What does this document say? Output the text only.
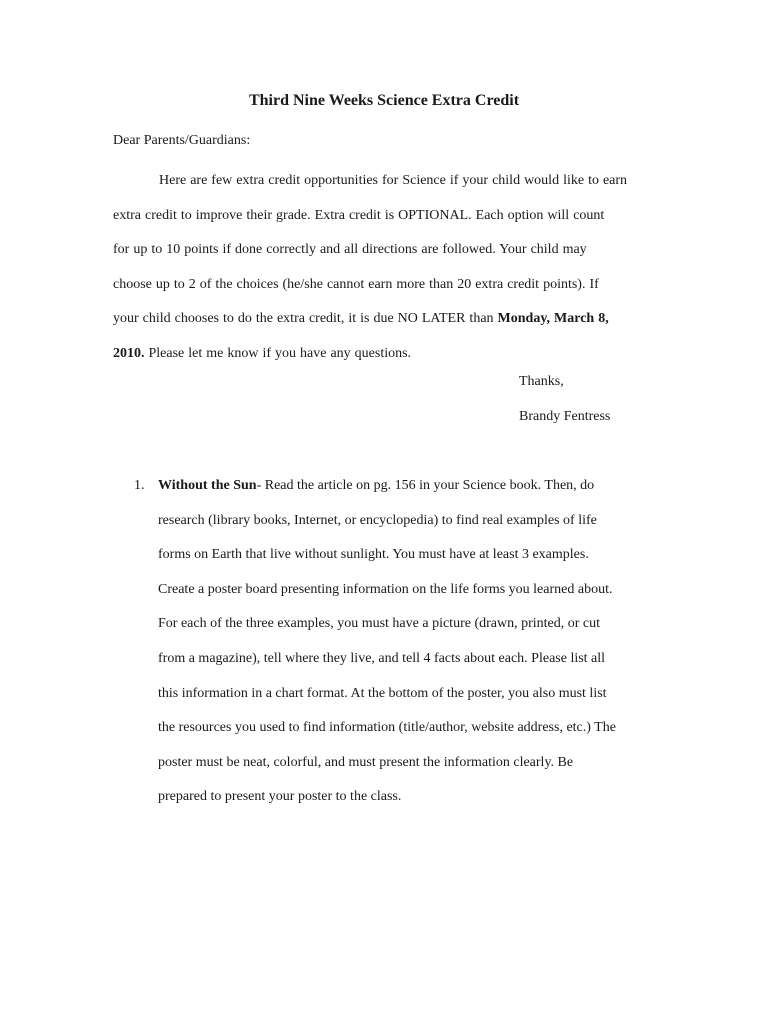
Third Nine Weeks Science Extra Credit
Dear Parents/Guardians:
Here are few extra credit opportunities for Science if your child would like to earn
extra credit to improve their grade. Extra credit is OPTIONAL. Each option will count
for up to 10 points if done correctly and all directions are followed. Your child may
choose up to 2 of the choices (he/she cannot earn more than 20 extra credit points). If
your child chooses to do the extra credit, it is due NO LATER than Monday, March 8,
2010. Please let me know if you have any questions.
Thanks,
Brandy Fentress
1. Without the Sun- Read the article on pg. 156 in your Science book. Then, do
research (library books, Internet, or encyclopedia) to find real examples of life
forms on Earth that live without sunlight. You must have at least 3 examples.
Create a poster board presenting information on the life forms you learned about.
For each of the three examples, you must have a picture (drawn, printed, or cut
from a magazine), tell where they live, and tell 4 facts about each. Please list all
this information in a chart format. At the bottom of the poster, you also must list
the resources you used to find information (title/author, website address, etc.) The
poster must be neat, colorful, and must present the information clearly. Be
prepared to present your poster to the class.
